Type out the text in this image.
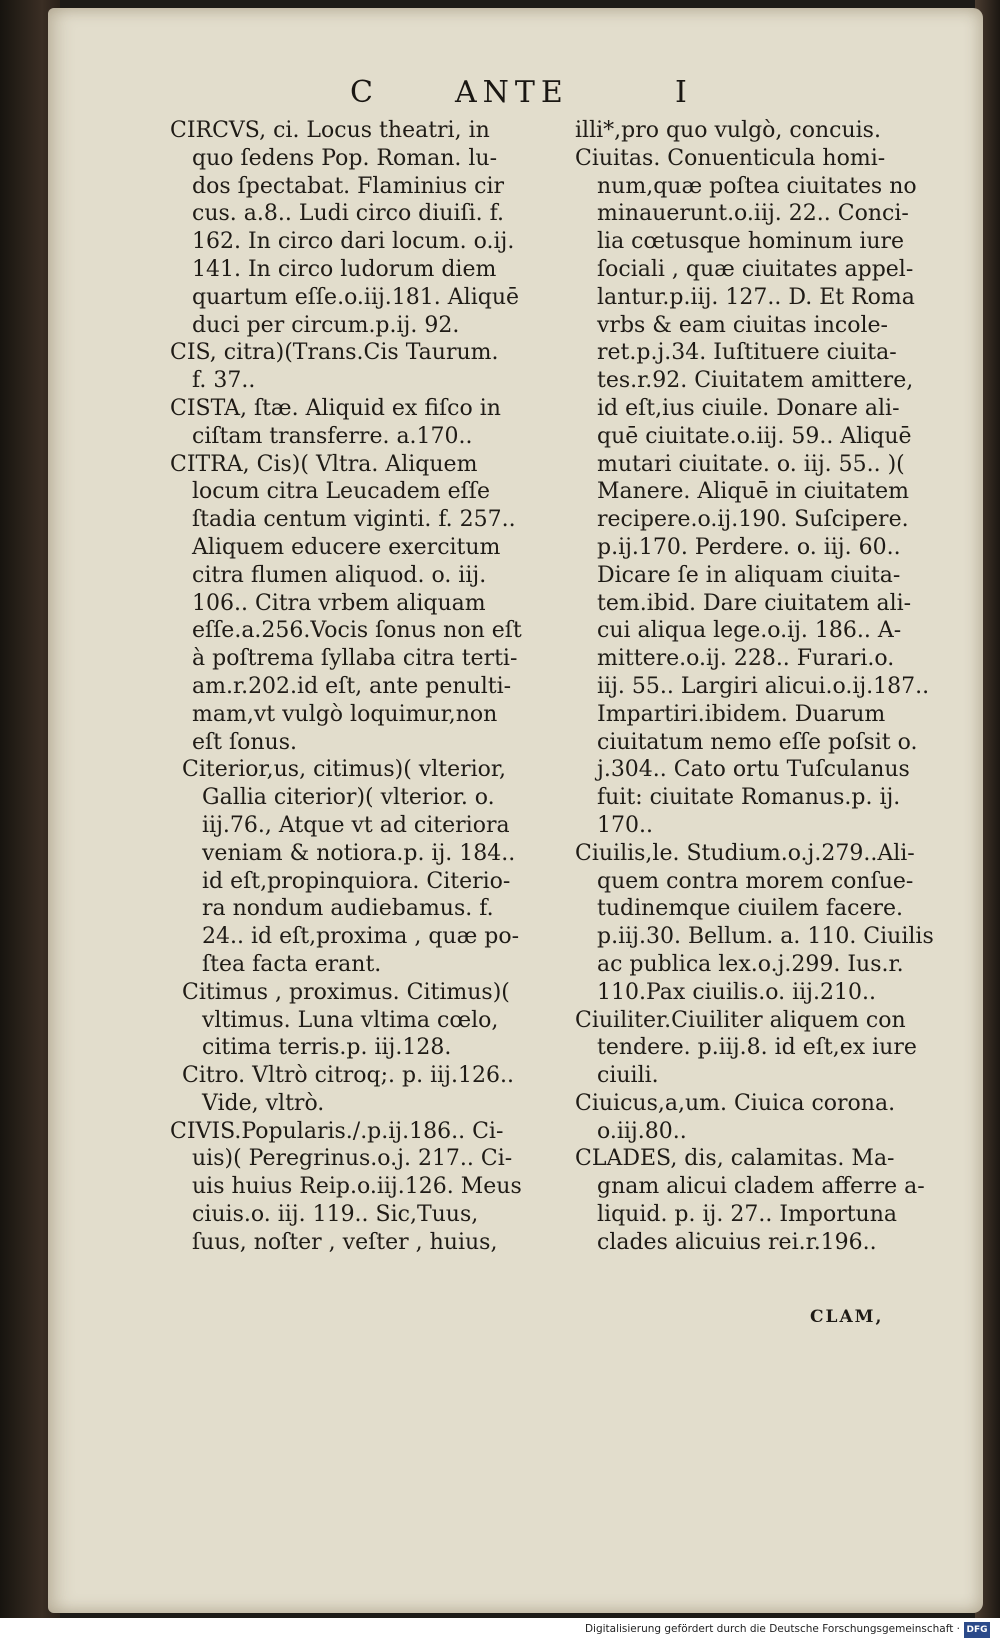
C	ANTE	I
CIRCVS, ci. Locus theatri, in
quo ſedens Pop. Roman. lu-
dos ſpectabat. Flaminius cir
cus. a.8.. Ludi circo diuiſi. f.
162. In circo dari locum. o.ij.
141. In circo ludorum diem
quartum eſſe.o.iij.181. Aliquē
duci per circum.p.ij. 92.
CIS, citra)(Trans.Cis Taurum.
f. 37..
CISTA, ſtæ. Aliquid ex fiſco in
ciſtam transferre. a.170..
CITRA, Cis)( Vltra. Aliquem
locum citra Leucadem eſſe
ſtadia centum viginti. f. 257..
Aliquem educere exercitum
citra flumen aliquod. o. iij.
106.. Citra vrbem aliquam
eſſe.a.256.Vocis ſonus non eſt
à poſtrema ſyllaba citra terti-
am.r.202.id eſt, ante penulti-
mam,vt vulgò loquimur,non
eſt ſonus.
Citerior,us, citimus)( vlterior,
Gallia citerior)( vlterior. o.
iij.76., Atque vt ad citeriora
veniam & notiora.p. ij. 184..
id eſt,propinquiora. Citerio-
ra nondum audiebamus. f.
24.. id eſt,proxima , quæ po-
ſtea facta erant.
Citimus , proximus. Citimus)(
vltimus. Luna vltima cœlo,
citima terris.p. iij.128.
Citro. Vltrò citroq;. p. iij.126..
Vide, vltrò.
CIVIS.Popularis./.p.ij.186.. Ci-
uis)( Peregrinus.o.j. 217.. Ci-
uis huius Reip.o.iij.126. Meus
ciuis.o. iij. 119.. Sic,Tuus,
ſuus, noſter , veſter , huius,
illi*,pro quo vulgò, concuis.
Ciuitas. Conuenticula homi-
num,quæ poſtea ciuitates no
minauerunt.o.iij. 22.. Conci-
lia cœtusque hominum iure
ſociali , quæ ciuitates appel-
lantur.p.iij. 127.. D. Et Roma
vrbs & eam ciuitas incole-
ret.p.j.34. Iuſtituere ciuita-
tes.r.92. Ciuitatem amittere,
id eſt,ius ciuile. Donare ali-
quē ciuitate.o.iij. 59.. Aliquē
mutari ciuitate. o. iij. 55.. )(
Manere. Aliquē in ciuitatem
recipere.o.ij.190. Suſcipere.
p.ij.170. Perdere. o. iij. 60..
Dicare ſe in aliquam ciuita-
tem.ibid. Dare ciuitatem ali-
cui aliqua lege.o.ij. 186.. A-
mittere.o.ij. 228.. Furari.o.
iij. 55.. Largiri alicui.o.ij.187..
Impartiri.ibidem. Duarum
ciuitatum nemo eſſe poſsit o.
j.304.. Cato ortu Tuſculanus
fuit: ciuitate Romanus.p. ij.
170..
Ciuilis,le. Studium.o.j.279..Ali-
quem contra morem conſue-
tudinemque ciuilem facere.
p.iij.30. Bellum. a. 110. Ciuilis
ac publica lex.o.j.299. Ius.r.
110.Pax ciuilis.o. iij.210..
Ciuiliter.Ciuiliter aliquem con
tendere. p.iij.8. id eſt,ex iure
ciuili.
Ciuicus,a,um. Ciuica corona.
o.iij.80..
CLADES, dis, calamitas. Ma-
gnam alicui cladem afferre a-
liquid. p. ij. 27.. Importuna
clades alicuius rei.r.196..
CLAM,
Digitalisierung gefördert durch die Deutsche Forschungsgemeinschaft · DFG
